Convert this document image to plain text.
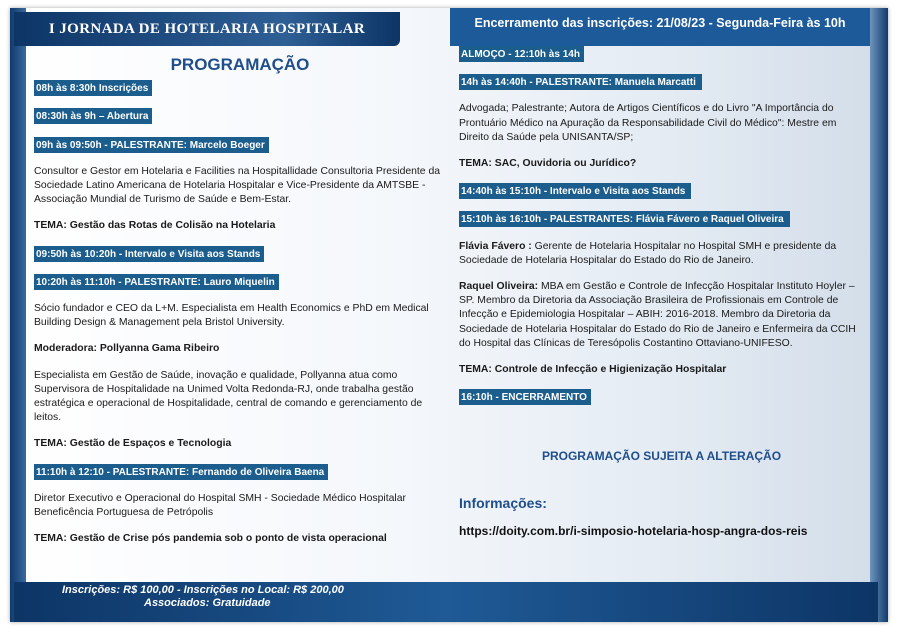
I JORNADA DE HOTELARIA HOSPITALAR	Encerramento das inscrições: 21/08/23 - Segunda-Feira às 10h
PROGRAMAÇÃO
08h às 8:30h Inscrições
08:30h às 9h – Abertura
09h às 09:50h - PALESTRANTE: Marcelo Boeger
Consultor e Gestor em Hotelaria e Facilities na Hospitallidade Consultoria Presidente da Sociedade Latino Americana de Hotelaria Hospitalar e Vice-Presidente da AMTSBE - Associação Mundial de Turismo de Saúde e Bem-Estar.
TEMA: Gestão das Rotas de Colisão na Hotelaria
09:50h às 10:20h - Intervalo e Visita aos Stands
10:20h às 11:10h - PALESTRANTE: Lauro Miquelin
Sócio fundador e CEO da L+M. Especialista em Health Economics e PhD em Medical Building Design & Management pela Bristol University.
Moderadora: Pollyanna Gama Ribeiro
Especialista em Gestão de Saúde, inovação e qualidade, Pollyanna atua como Supervisora de Hospitalidade na Unimed Volta Redonda-RJ, onde trabalha gestão estratégica e operacional de Hospitalidade, central de comando e gerenciamento de leitos.
TEMA: Gestão de Espaços e Tecnologia
11:10h à 12:10 - PALESTRANTE: Fernando de Oliveira Baena
Diretor Executivo e Operacional do Hospital SMH - Sociedade Médico Hospitalar Beneficência Portuguesa de Petrópolis
TEMA: Gestão de Crise pós pandemia sob o ponto de vista operacional
ALMOÇO - 12:10h às 14h
14h às 14:40h - PALESTRANTE: Manuela Marcatti
Advogada; Palestrante; Autora de Artigos Científicos e do Livro "A Importância do Prontuário Médico na Apuração da Responsabilidade Civil do Médico": Mestre em Direito da Saúde pela UNISANTA/SP;
TEMA: SAC, Ouvidoria ou Jurídico?
14:40h às 15:10h - Intervalo e Visita aos Stands
15:10h às 16:10h - PALESTRANTES: Flávia Fávero e Raquel Oliveira
Flávia Fávero : Gerente de Hotelaria Hospitalar no Hospital SMH e presidente da Sociedade de Hotelaria Hospitalar do Estado do Rio de Janeiro.
Raquel Oliveira: MBA em Gestão e Controle de Infecção Hospitalar Instituto Hoyler – SP. Membro da Diretoria da Associação Brasileira de Profissionais em Controle de Infecção e Epidemiologia Hospitalar – ABIH: 2016-2018. Membro da Diretoria da Sociedade de Hotelaria Hospitalar do Estado do Rio de Janeiro e Enfermeira da CCIH do Hospital das Clínicas de Teresópolis Costantino Ottaviano-UNIFESO.
TEMA: Controle de Infecção e Higienização Hospitalar
16:10h - ENCERRAMENTO
PROGRAMAÇÃO SUJEITA A ALTERAÇÃO
Informações:
https://doity.com.br/i-simposio-hotelaria-hosp-angra-dos-reis
Inscrições: R$ 100,00 - Inscrições no Local: R$ 200,00
Associados: Gratuidade
